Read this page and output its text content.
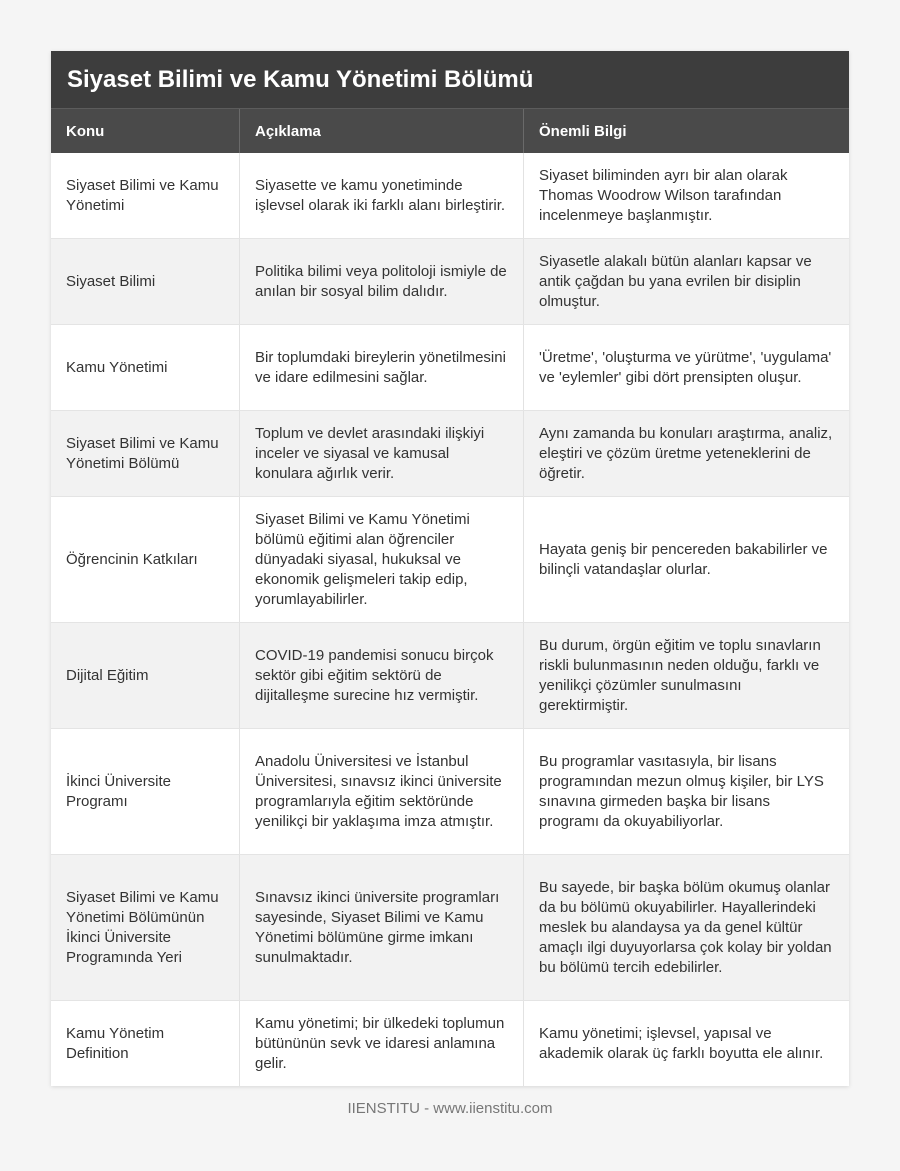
Siyaset Bilimi ve Kamu Yönetimi Bölümü
Konu	Açıklama	Önemli Bilgi
Siyaset Bilimi ve Kamu Yönetimi
Siyasette ve kamu yonetiminde işlevsel olarak iki farklı alanı birleştirir.
Siyaset biliminden ayrı bir alan olarak Thomas Woodrow Wilson tarafından incelenmeye başlanmıştır.
Siyaset Bilimi
Politika bilimi veya politoloji ismiyle de anılan bir sosyal bilim dalıdır.
Siyasetle alakalı bütün alanları kapsar ve antik çağdan bu yana evrilen bir disiplin olmuştur.
Kamu Yönetimi
Bir toplumdaki bireylerin yönetilmesini ve idare edilmesini sağlar.
'Üretme', 'oluşturma ve yürütme', 'uygulama' ve 'eylemler' gibi dört prensipten oluşur.
Siyaset Bilimi ve Kamu Yönetimi Bölümü
Toplum ve devlet arasındaki ilişkiyi inceler ve siyasal ve kamusal konulara ağırlık verir.
Aynı zamanda bu konuları araştırma, analiz, eleştiri ve çözüm üretme yeteneklerini de öğretir.
Öğrencinin Katkıları
Siyaset Bilimi ve Kamu Yönetimi bölümü eğitimi alan öğrenciler dünyadaki siyasal, hukuksal ve ekonomik gelişmeleri takip edip, yorumlayabilirler.
Hayata geniş bir pencereden bakabilirler ve bilinçli vatandaşlar olurlar.
Dijital Eğitim
COVID-19 pandemisi sonucu birçok sektör gibi eğitim sektörü de dijitalleşme surecine hız vermiştir.
Bu durum, örgün eğitim ve toplu sınavların riskli bulunmasının neden olduğu, farklı ve yenilikçi çözümler sunulmasını gerektirmiştir.
İkinci Üniversite Programı
Anadolu Üniversitesi ve İstanbul Üniversitesi, sınavsız ikinci üniversite programlarıyla eğitim sektöründe yenilikçi bir yaklaşıma imza atmıştır.
Bu programlar vasıtasıyla, bir lisans programından mezun olmuş kişiler, bir LYS sınavına girmeden başka bir lisans programı da okuyabiliyorlar.
Siyaset Bilimi ve Kamu Yönetimi Bölümünün İkinci Üniversite Programında Yeri
Sınavsız ikinci üniversite programları sayesinde, Siyaset Bilimi ve Kamu Yönetimi bölümüne girme imkanı sunulmaktadır.
Bu sayede, bir başka bölüm okumuş olanlar da bu bölümü okuyabilirler. Hayallerindeki meslek bu alandaysa ya da genel kültür amaçlı ilgi duyuyorlarsa çok kolay bir yoldan bu bölümü tercih edebilirler.
Kamu Yönetim Definition
Kamu yönetimi; bir ülkedeki toplumun bütününün sevk ve idaresi anlamına gelir.
Kamu yönetimi; işlevsel, yapısal ve akademik olarak üç farklı boyutta ele alınır.
IIENSTITU - www.iienstitu.com
